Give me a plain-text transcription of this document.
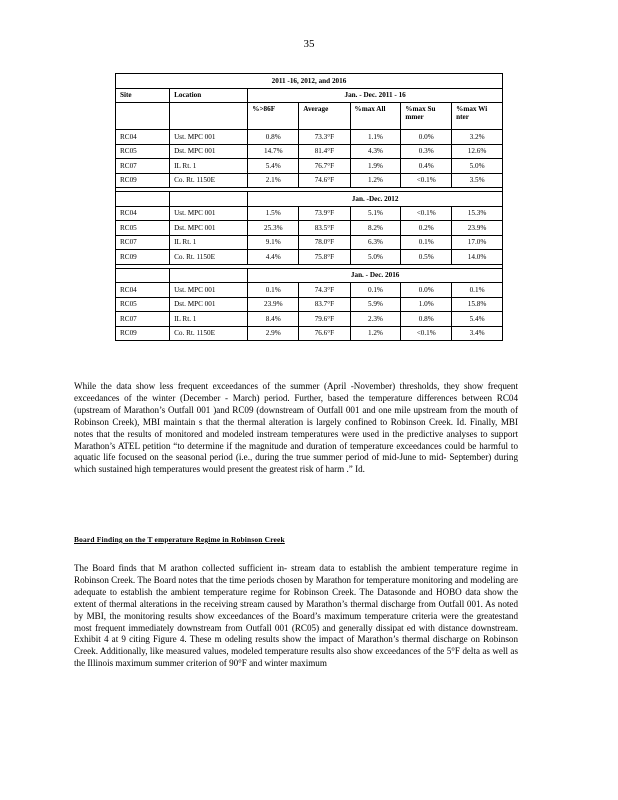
35
2011 -16, 2012, and 2016						
Site	Location	Jan. - Dec. 2011 - 16				
		%>86F	Average	%max All	%max Su mmer	%max Wi nter
RC04	Ust. MPC 001	0.8%	73.3°F	1.1%	0.0%	3.2%
RC05	Dst. MPC 001	14.7%	81.4°F	4.3%	0.3%	12.6%
RC07	IL Rt. 1	5.4%	76.7°F	1.9%	0.4%	5.0%
RC09	Co. Rt. 1150E	2.1%	74.6°F	1.2%	<0.1%	3.5%

		Jan. -Dec. 2012				
RC04	Ust. MPC 001	1.5%	73.9°F	5.1%	<0.1%	15.3%
RC05	Dst. MPC 001	25.3%	83.5°F	8.2%	0.2%	23.9%
RC07	IL Rt. 1	9.1%	78.0°F	6.3%	0.1%	17.0%
RC09	Co. Rt. 1150E	4.4%	75.8°F	5.0%	0.5%	14.0%

		Jan. - Dec. 2016				
RC04	Ust. MPC 001	0.1%	74.3°F	0.1%	0.0%	0.1%
RC05	Dst. MPC 001	23.9%	83.7°F	5.9%	1.0%	15.8%
RC07	IL Rt. 1	8.4%	79.6°F	2.3%	0.8%	5.4%
RC09	Co. Rt. 1150E	2.9%	76.6°F	1.2%	<0.1%	3.4%

While the data show less frequent exceedances of the summer (April -November) thresholds, they show frequent exceedances of the winter (December - March) period. Further, based the temperature differences between RC04 (upstream of Marathon’s Outfall 001 )and RC09 (downstream of Outfall 001 and one mile upstream from the mouth of Robinson Creek), MBI maintain s that the thermal alteration is largely confined to Robinson Creek. Id. Finally, MBI notes that the results of monitored and modeled instream temperatures were used in the predictive analyses to support Marathon’s ATEL petition “to determine if the magnitude and duration of temperature exceedances could be harmful to aquatic life focused on the seasonal period (i.e., during the true summer period of mid-June to mid- September) during which sustained high temperatures would present the greatest risk of harm .” Id.

Board Finding on the T emperature Regime in Robinson Creek

The Board finds that M arathon collected sufficient in- stream data to establish the ambient temperature regime in Robinson Creek. The Board notes that the time periods chosen by Marathon for temperature monitoring and modeling are adequate to establish the ambient temperature regime for Robinson Creek. The Datasonde and HOBO data show the extent of thermal alterations in the receiving stream caused by Marathon’s thermal discharge from Outfall 001. As noted by MBI, the monitoring results show exceedances of the Board’s maximum temperature criteria were the greatestand most frequent immediately downstream from Outfall 001 (RC05) and generally dissipat ed with distance downstream. Exhibit 4 at 9 citing Figure 4. These m odeling results show the impact of Marathon’s thermal discharge on Robinson Creek. Additionally, like measured values, modeled temperature results also show exceedances of the 5°F delta as well as the Illinois maximum summer criterion of 90°F and winter maximum
